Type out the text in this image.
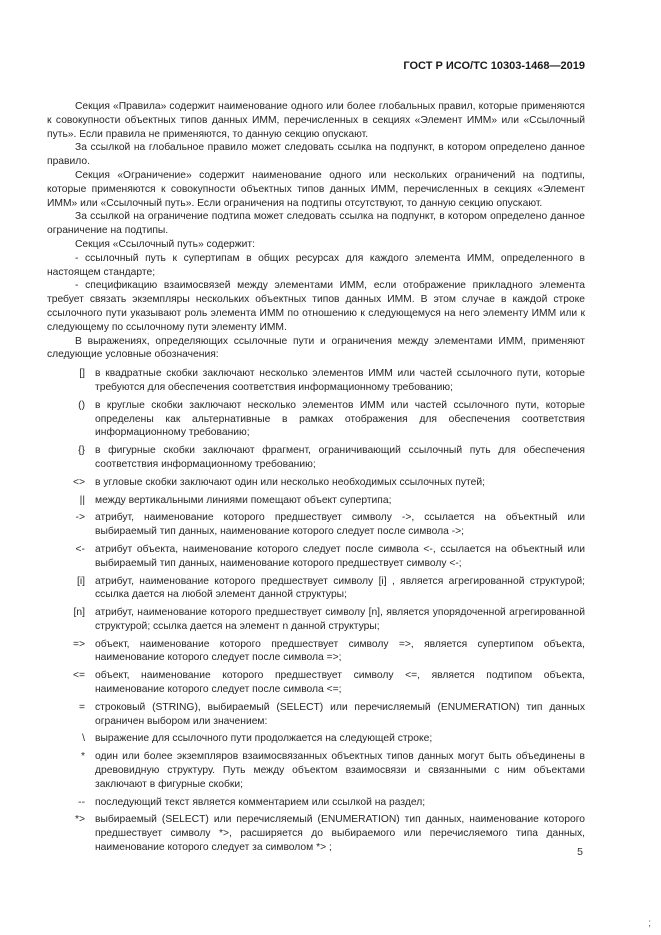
ГОСТ Р ИСО/ТС 10303-1468—2019

Секция «Правила» содержит наименование одного или более глобальных правил, которые применяются к совокупности объектных типов данных ИММ, перечисленных в секциях «Элемент ИММ» или «Ссылочный путь». Если правила не применяются, то данную секцию опускают.

За ссылкой на глобальное правило может следовать ссылка на подпункт, в котором определено данное правило.

Секция «Ограничение» содержит наименование одного или нескольких ограничений на подтипы, которые применяются к совокупности объектных типов данных ИММ, перечисленных в секциях «Элемент ИММ» или «Ссылочный путь». Если ограничения на подтипы отсутствуют, то данную секцию опускают.

За ссылкой на ограничение подтипа может следовать ссылка на подпункт, в котором определено данное ограничение на подтипы.

Секция «Ссылочный путь» содержит:

- ссылочный путь к супертипам в общих ресурсах для каждого элемента ИММ, определенного в настоящем стандарте;

- спецификацию взаимосвязей между элементами ИММ, если отображение прикладного элемента требует связать экземпляры нескольких объектных типов данных ИММ. В этом случае в каждой строке ссылочного пути указывают роль элемента ИММ по отношению к следующемуся на него элементу ИММ или к следующему по ссылочному пути элементу ИММ.

В выражениях, определяющих ссылочные пути и ограничения между элементами ИММ, применяют следующие условные обозначения:

[] в квадратные скобки заключают несколько элементов ИММ или частей ссылочного пути, которые требуются для обеспечения соответствия информационному требованию;
() в круглые скобки заключают несколько элементов ИММ или частей ссылочного пути, которые определены как альтернативные в рамках отображения для обеспечения соответствия информационному требованию;
{} в фигурные скобки заключают фрагмент, ограничивающий ссылочный путь для обеспечения соответствия информационному требованию;
<> в угловые скобки заключают один или несколько необходимых ссылочных путей;
|| между вертикальными линиями помещают объект супертипа;
-> атрибут, наименование которого предшествует символу ->, ссылается на объектный или выбираемый тип данных, наименование которого следует после символа ->;
<- атрибут объекта, наименование которого следует после символа <-, ссылается на объектный или выбираемый тип данных, наименование которого предшествует символу <-;
[i] атрибут, наименование которого предшествует символу [i] , является агрегированной структурой; ссылка дается на любой элемент данной структуры;
[n] атрибут, наименование которого предшествует символу [n], является упорядоченной агрегированной структурой; ссылка дается на элемент n данной структуры;
=> объект, наименование которого предшествует символу =>, является супертипом объекта, наименование которого следует после символа =>;
<= объект, наименование которого предшествует символу <=, является подтипом объекта, наименование которого следует после символа <=;
= строковый (STRING), выбираемый (SELECT) или перечисляемый (ENUMERATION) тип данных ограничен выбором или значением:
\ выражение для ссылочного пути продолжается на следующей строке;
* один или более экземпляров взаимосвязанных объектных типов данных могут быть объединены в древовидную структуру. Путь между объектом взаимосвязи и связанными с ним объектами заключают в фигурные скобки;
-- последующий текст является комментарием или ссылкой на раздел;
*> выбираемый (SELECT) или перечисляемый (ENUMERATION) тип данных, наименование которого предшествует символу *>, расширяется до выбираемого или перечисляемого типа данных, наименование которого следует за символом *> ;	5
;
